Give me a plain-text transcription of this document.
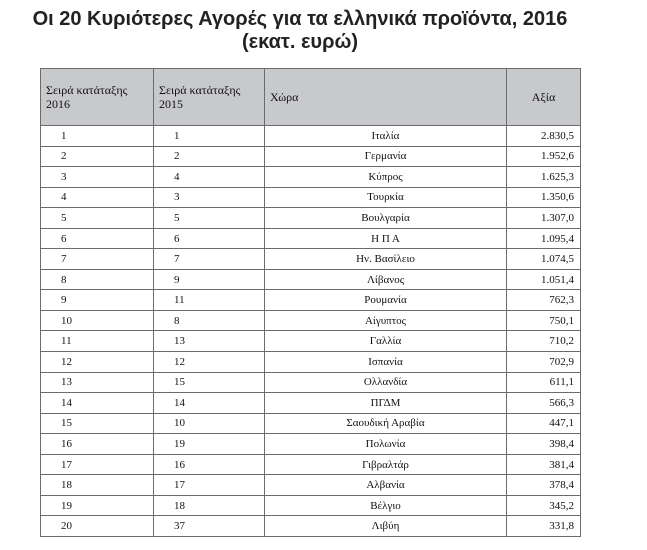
Οι 20 Κυριότερες Αγορές για τα ελληνικά προϊόντα, 2016
(εκατ. ευρώ)
Σειρά κατάταξης 2016	Σειρά κατάταξης 2015	Χώρα	Αξία
1	1	Ιταλία	2.830,5
2	2	Γερμανία	1.952,6
3	4	Κύπρος	1.625,3
4	3	Τουρκία	1.350,6
5	5	Βουλγαρία	1.307,0
6	6	Η Π Α	1.095,4
7	7	Ην. Βασίλειο	1.074,5
8	9	Λίβανος	1.051,4
9	11	Ρουμανία	762,3
10	8	Αίγυπτος	750,1
11	13	Γαλλία	710,2
12	12	Ισπανία	702,9
13	15	Ολλανδία	611,1
14	14	ΠΓΔΜ	566,3
15	10	Σαουδική Αραβία	447,1
16	19	Πολωνία	398,4
17	16	Γιβραλτάρ	381,4
18	17	Αλβανία	378,4
19	18	Βέλγιο	345,2
20	37	Λιβύη	331,8
